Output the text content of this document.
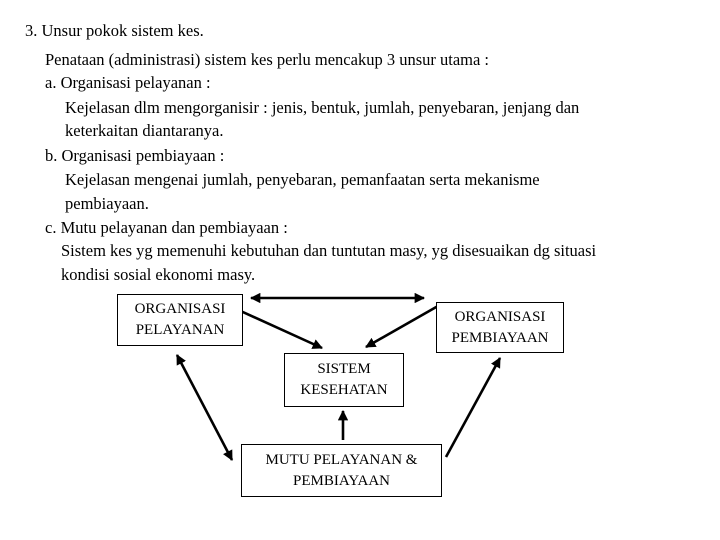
3. Unsur pokok sistem kes.
Penataan (administrasi) sistem kes perlu mencakup 3 unsur utama :
a. Organisasi pelayanan :
Kejelasan dlm mengorganisir : jenis, bentuk, jumlah, penyebaran, jenjang dan
keterkaitan diantaranya.
b. Organisasi pembiayaan :
Kejelasan mengenai jumlah, penyebaran, pemanfaatan serta mekanisme
pembiayaan.
c. Mutu pelayanan dan pembiayaan :
Sistem kes yg memenuhi kebutuhan dan tuntutan masy, yg disesuaikan dg situasi
kondisi sosial ekonomi masy.
ORGANISASI
PELAYANAN
ORGANISASI
PEMBIAYAAN
SISTEM
KESEHATAN
MUTU PELAYANAN &
PEMBIAYAAN
